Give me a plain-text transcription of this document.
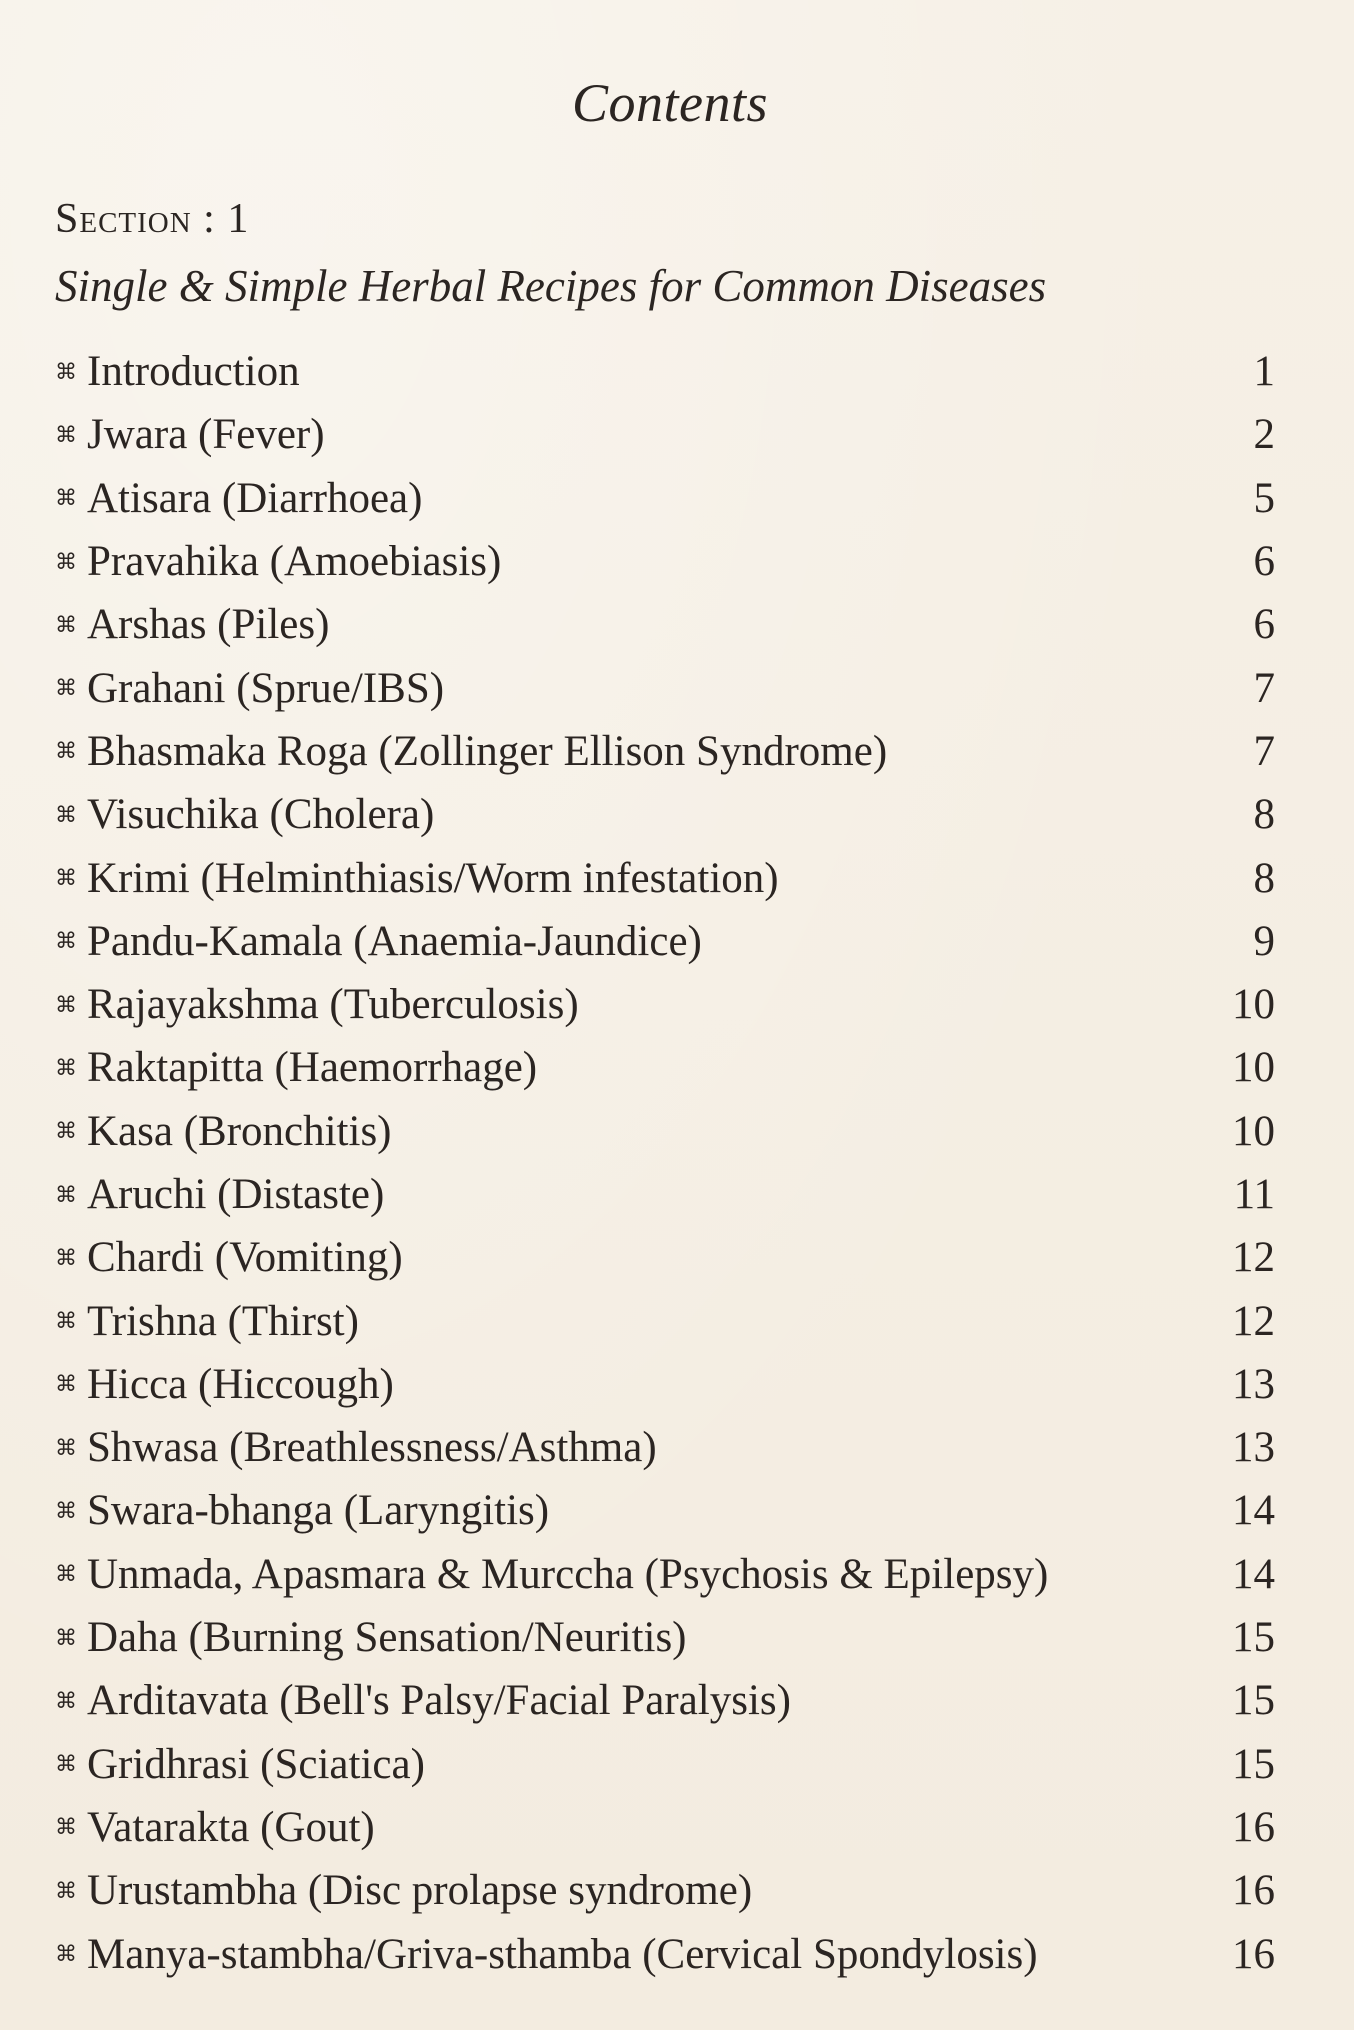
Contents
Section : 1
Single & Simple Herbal Recipes for Common Diseases
⌘ Introduction	1
⌘ Jwara (Fever)	2
⌘ Atisara (Diarrhoea)	5
⌘ Pravahika (Amoebiasis)	6
⌘ Arshas (Piles)	6
⌘ Grahani (Sprue/IBS)	7
⌘ Bhasmaka Roga (Zollinger Ellison Syndrome)	7
⌘ Visuchika (Cholera)	8
⌘ Krimi (Helminthiasis/Worm infestation)	8
⌘ Pandu-Kamala (Anaemia-Jaundice)	9
⌘ Rajayakshma (Tuberculosis)	10
⌘ Raktapitta (Haemorrhage)	10
⌘ Kasa (Bronchitis)	10
⌘ Aruchi (Distaste)	11
⌘ Chardi (Vomiting)	12
⌘ Trishna (Thirst)	12
⌘ Hicca (Hiccough)	13
⌘ Shwasa (Breathlessness/Asthma)	13
⌘ Swara-bhanga (Laryngitis)	14
⌘ Unmada, Apasmara & Murccha (Psychosis & Epilepsy)	14
⌘ Daha (Burning Sensation/Neuritis)	15
⌘ Arditavata (Bell's Palsy/Facial Paralysis)	15
⌘ Gridhrasi (Sciatica)	15
⌘ Vatarakta (Gout)	16
⌘ Urustambha (Disc prolapse syndrome)	16
⌘ Manya-stambha/Griva-sthamba (Cervical Spondylosis)	16
